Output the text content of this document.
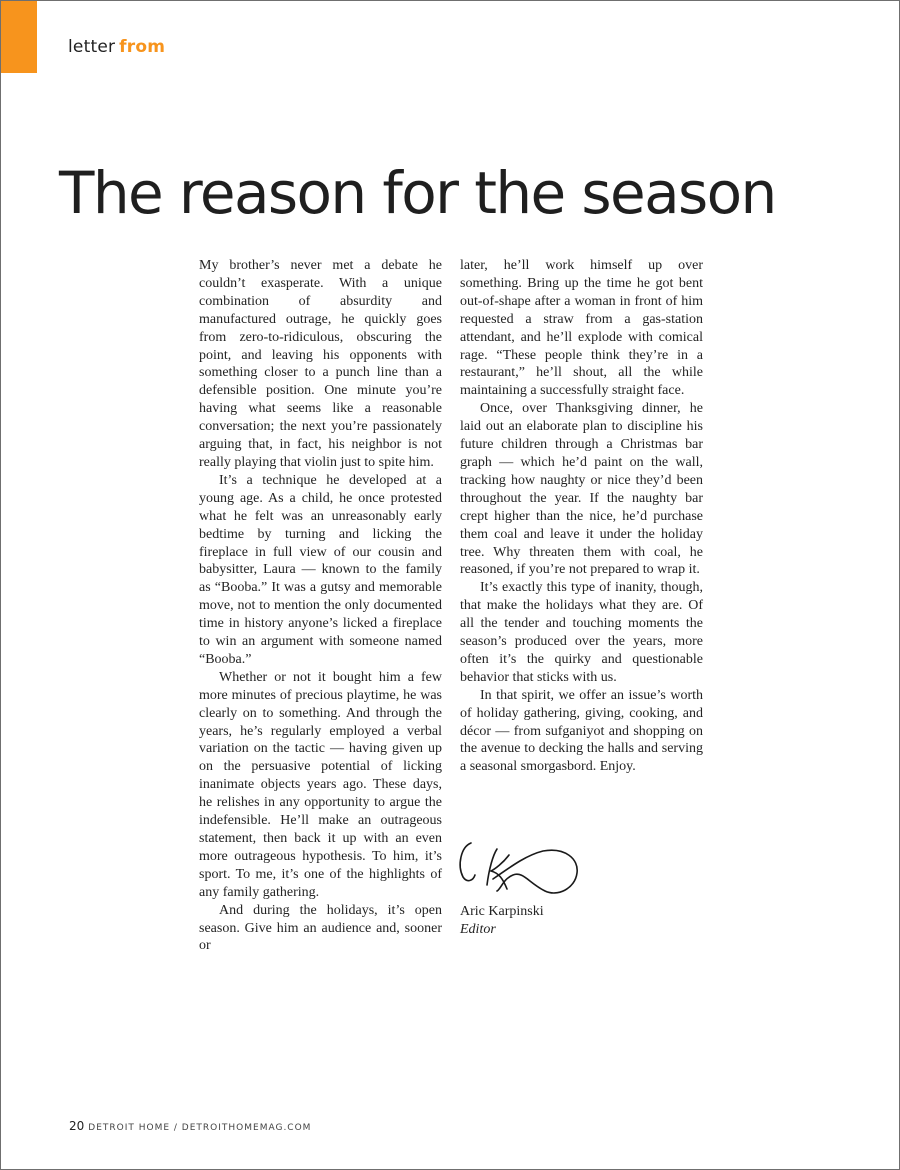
letter from
The reason for the season

My brother’s never met a debate he couldn’t exasperate. With a unique combination of absurdity and manufactured outrage, he quickly goes from zero-to-ridiculous, obscuring the point, and leaving his opponents with something closer to a punch line than a defensible position. One minute you’re having what seems like a reasonable conversation; the next you’re passionately arguing that, in fact, his neighbor is not really playing that violin just to spite him.

It’s a technique he developed at a young age. As a child, he once protested what he felt was an unreasonably early bedtime by turning and licking the fireplace in full view of our cousin and babysitter, Laura — known to the family as “Booba.” It was a gutsy and memorable move, not to mention the only documented time in history anyone’s licked a fireplace to win an argument with someone named “Booba.”

Whether or not it bought him a few more minutes of precious playtime, he was clearly on to something. And through the years, he’s regularly employed a verbal variation on the tactic — having given up on the persuasive potential of licking inanimate objects years ago. These days, he relishes in any opportunity to argue the indefensible. He’ll make an outrageous statement, then back it up with an even more outrageous hypothesis. To him, it’s sport. To me, it’s one of the highlights of any family gathering.

And during the holidays, it’s open season. Give him an audience and, sooner or

later, he’ll work himself up over something. Bring up the time he got bent out-of-shape after a woman in front of him requested a straw from a gas-station attendant, and he’ll explode with comical rage. “These people think they’re in a restaurant,” he’ll shout, all the while maintaining a successfully straight face.

Once, over Thanksgiving dinner, he laid out an elaborate plan to discipline his future children through a Christmas bar graph — which he’d paint on the wall, tracking how naughty or nice they’d been throughout the year. If the naughty bar crept higher than the nice, he’d purchase them coal and leave it under the holiday tree. Why threaten them with coal, he reasoned, if you’re not prepared to wrap it.

It’s exactly this type of inanity, though, that make the holidays what they are. Of all the tender and touching moments the season’s produced over the years, more often it’s the quirky and questionable behavior that sticks with us.

In that spirit, we offer an issue’s worth of holiday gathering, giving, cooking, and décor — from sufganiyot and shopping on the avenue to decking the halls and serving a seasonal smorgasbord. Enjoy.

Aric Karpinski
Editor
20 DETROIT HOME / DETROITHOMEMAG.COM
